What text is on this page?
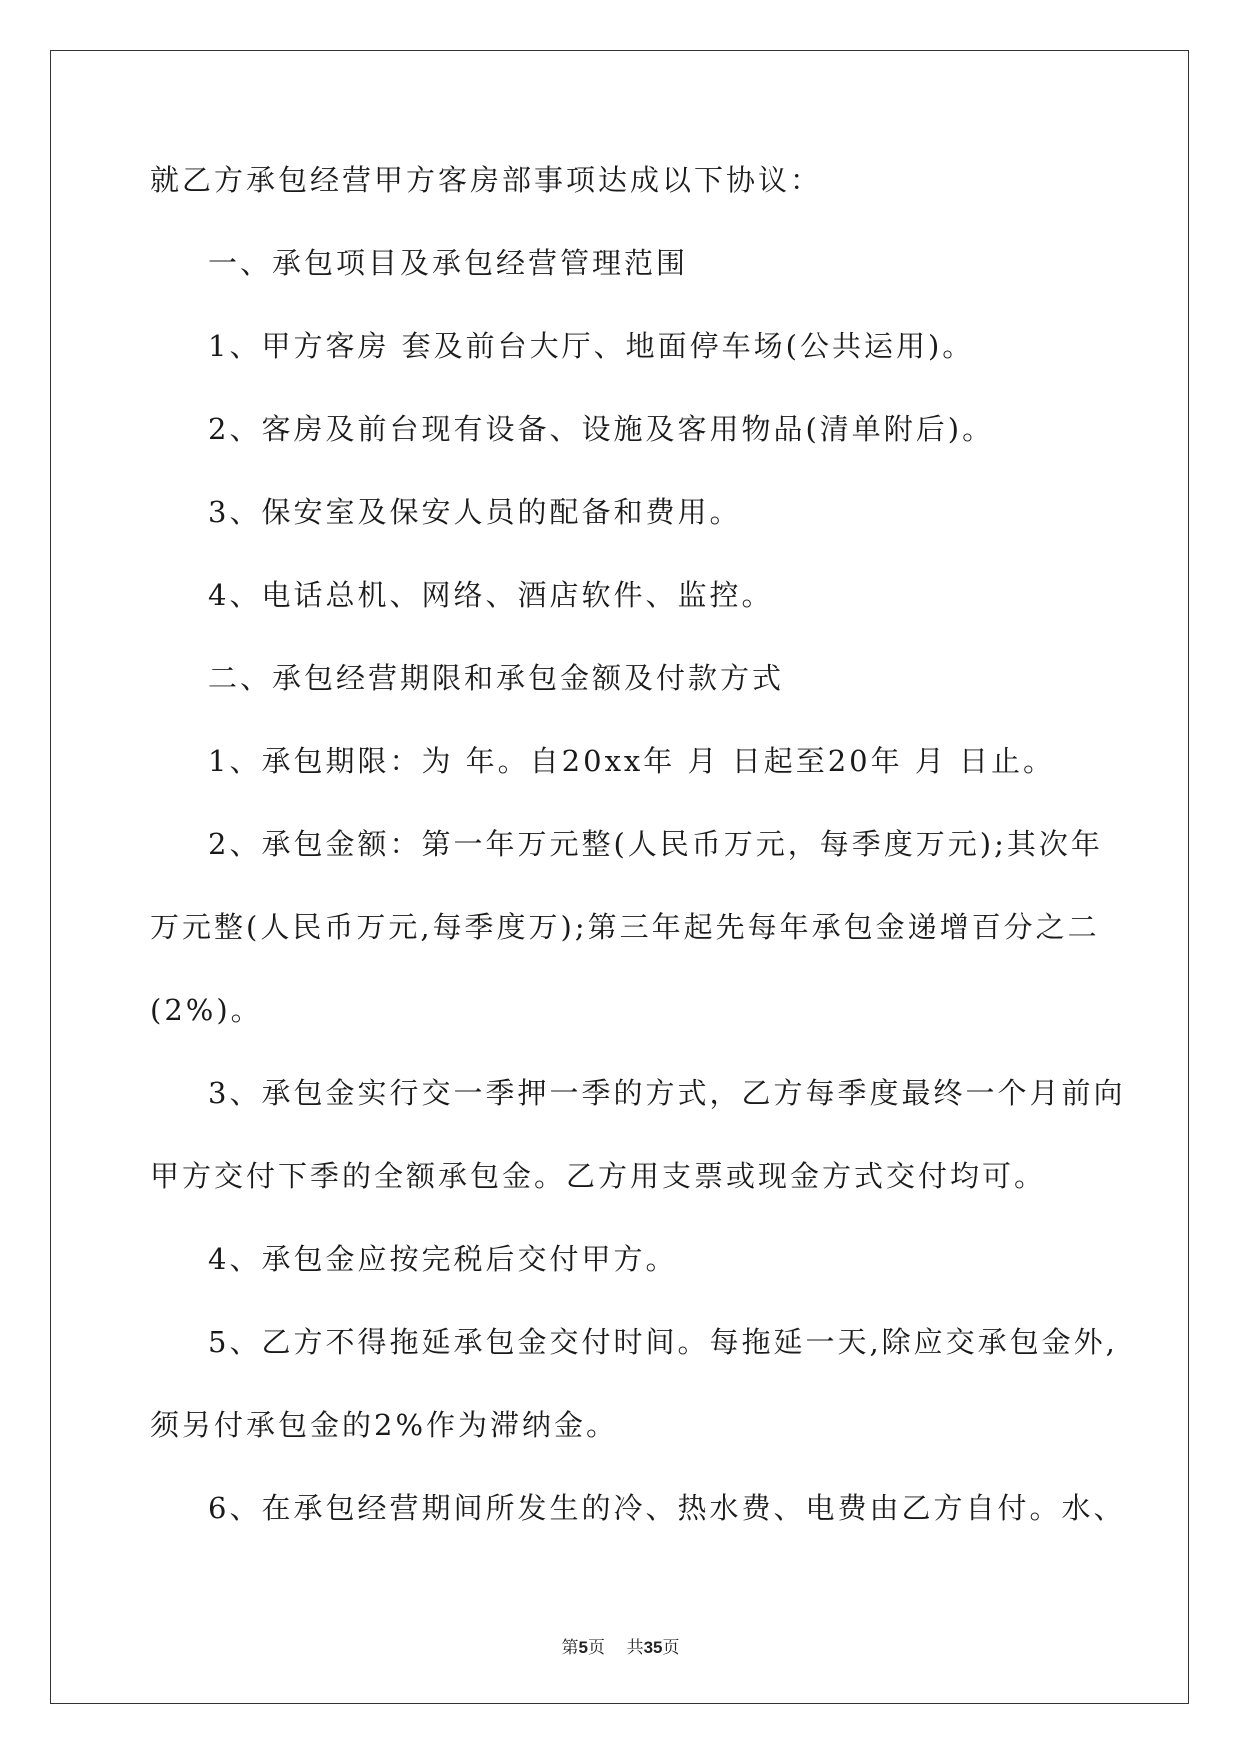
就乙方承包经营甲方客房部事项达成以下协议：
一、承包项目及承包经营管理范围
1、甲方客房 套及前台大厅、地面停车场(公共运用)。
2、客房及前台现有设备、设施及客用物品(清单附后)。
3、保安室及保安人员的配备和费用。
4、电话总机、网络、酒店软件、监控。
二、承包经营期限和承包金额及付款方式
1、承包期限：为 年。自20xx年 月 日起至20年 月 日止。
2、承包金额：第一年万元整(人民币万元，每季度万元);其次年
万元整(人民币万元,每季度万);第三年起先每年承包金递增百分之二
(2%)。
3、承包金实行交一季押一季的方式，乙方每季度最终一个月前向
甲方交付下季的全额承包金。乙方用支票或现金方式交付均可。
4、承包金应按完税后交付甲方。
5、乙方不得拖延承包金交付时间。每拖延一天,除应交承包金外,
须另付承包金的2%作为滞纳金。
6、在承包经营期间所发生的冷、热水费、电费由乙方自付。水、
第5页 共35页
